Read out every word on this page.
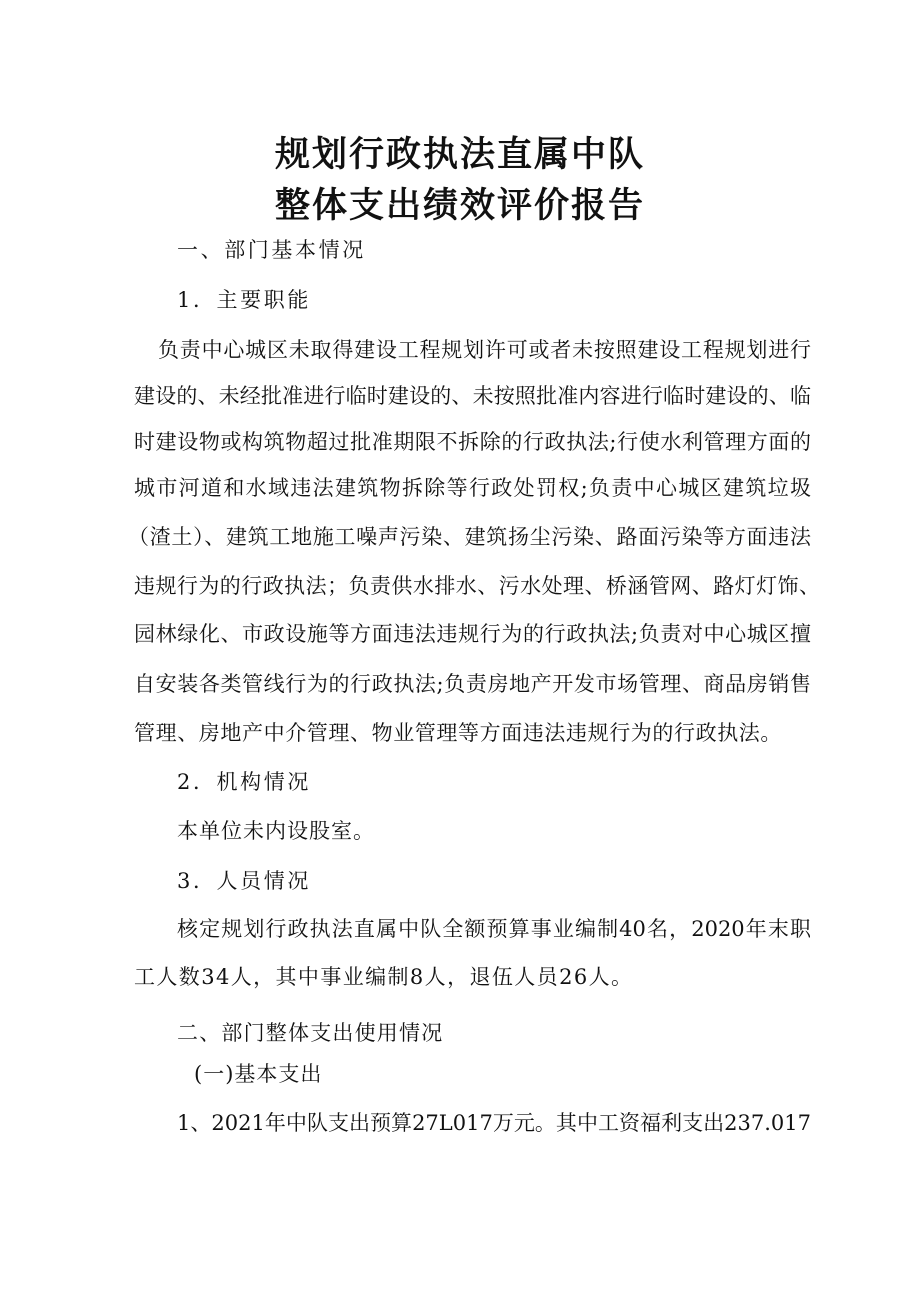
规划行政执法直属中队
整体支出绩效评价报告
一、部门基本情况
1．主要职能
负责中心城区未取得建设工程规划许可或者未按照建设工程规划进行
建设的、未经批准进行临时建设的、未按照批准内容进行临时建设的、临
时建设物或构筑物超过批准期限不拆除的行政执法;行使水利管理方面的
城市河道和水域违法建筑物拆除等行政处罚权;负责中心城区建筑垃圾
（渣土）、建筑工地施工噪声污染、建筑扬尘污染、路面污染等方面违法
违规行为的行政执法；负责供水排水、污水处理、桥涵管网、路灯灯饰、
园林绿化、市政设施等方面违法违规行为的行政执法;负责对中心城区擅
自安装各类管线行为的行政执法;负责房地产开发市场管理、商品房销售
管理、房地产中介管理、物业管理等方面违法违规行为的行政执法。
2．机构情况
本单位未内设股室。
3．人员情况
核定规划行政执法直属中队全额预算事业编制40名，2020年末职
工人数34人，其中事业编制8人，退伍人员26人。
二、部门整体支出使用情况
(一)基本支出
1、2021年中队支出预算27L017万元。其中工资福利支出237.017
